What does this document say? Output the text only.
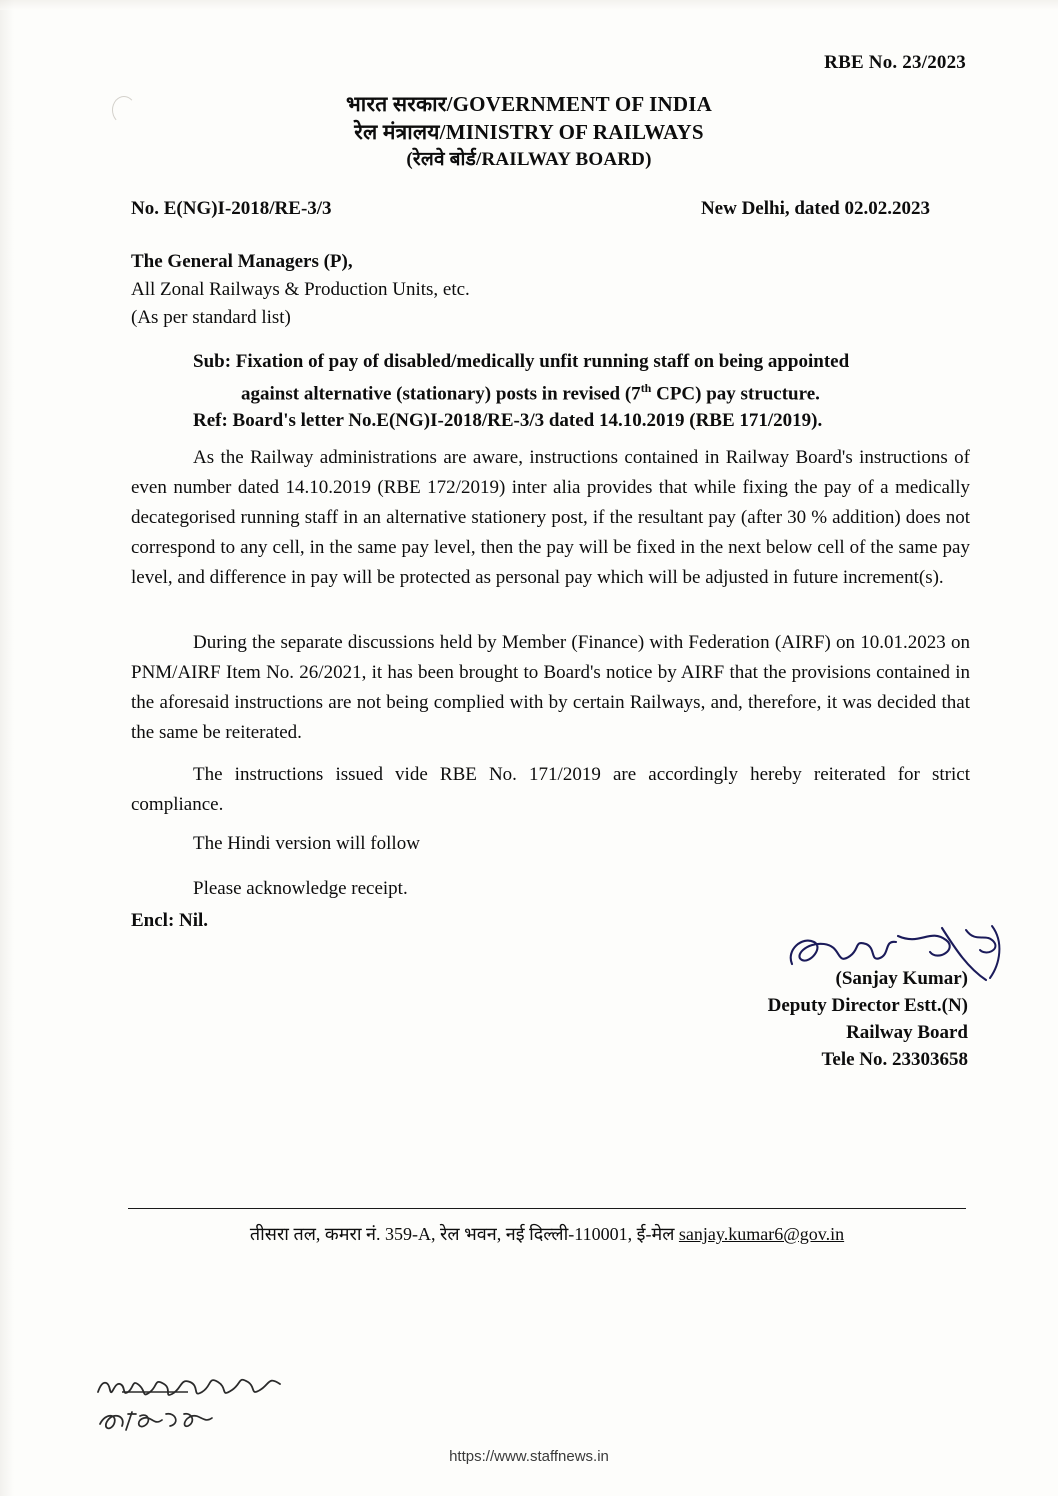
RBE No. 23/2023
भारत सरकार/GOVERNMENT OF INDIA
रेल मंत्रालय/MINISTRY OF RAILWAYS
(रेलवे बोर्ड/RAILWAY BOARD)
No. E(NG)I-2018/RE-3/3	New Delhi, dated 02.02.2023
The General Managers (P),
All Zonal Railways & Production Units, etc.
(As per standard list)
Sub: Fixation of pay of disabled/medically unfit running staff on being appointed
against alternative (stationary) posts in revised (7th CPC) pay structure.
Ref: Board's letter No.E(NG)I-2018/RE-3/3 dated 14.10.2019 (RBE 171/2019).
As the Railway administrations are aware, instructions contained in Railway Board's instructions of even number dated 14.10.2019 (RBE 172/2019) inter alia provides that while fixing the pay of a medically decategorised running staff in an alternative stationery post, if the resultant pay (after 30 % addition) does not correspond to any cell, in the same pay level, then the pay will be fixed in the next below cell of the same pay level, and difference in pay will be protected as personal pay which will be adjusted in future increment(s).
During the separate discussions held by Member (Finance) with Federation (AIRF) on 10.01.2023 on PNM/AIRF Item No. 26/2021, it has been brought to Board's notice by AIRF that the provisions contained in the aforesaid instructions are not being complied with by certain Railways, and, therefore, it was decided that the same be reiterated.
The instructions issued vide RBE No. 171/2019 are accordingly hereby reiterated for strict compliance.
The Hindi version will follow
Please acknowledge receipt.
Encl: Nil.
(Sanjay Kumar)
Deputy Director Estt.(N)
Railway Board
Tele No. 23303658
तीसरा तल, कमरा नं. 359-A, रेल भवन, नई दिल्ली-110001, ई-मेल sanjay.kumar6@gov.in
https://www.staffnews.in
